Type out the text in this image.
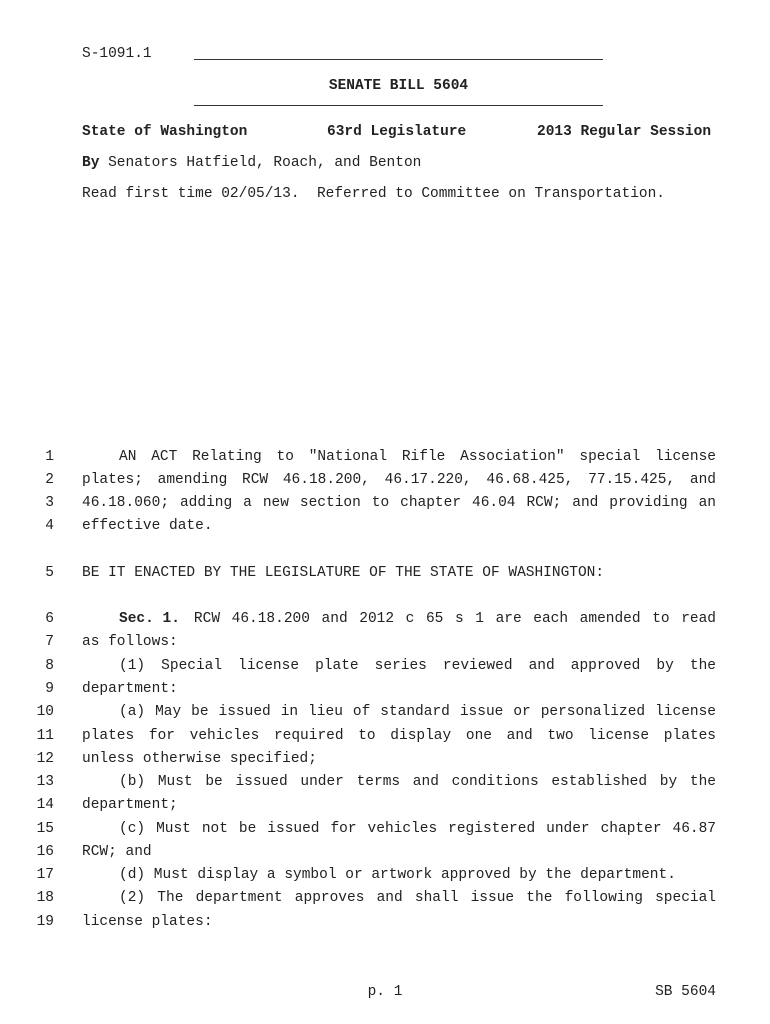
S-1091.1
SENATE BILL 5604
State of Washington	63rd Legislature	2013 Regular Session
By Senators Hatfield, Roach, and Benton
Read first time 02/05/13.  Referred to Committee on Transportation.
1	AN ACT Relating to "National Rifle Association" special license
2 plates; amending RCW 46.18.200, 46.17.220, 46.68.425, 77.15.425, and
3 46.18.060; adding a new section to chapter 46.04 RCW; and providing an
4 effective date.
5 BE IT ENACTED BY THE LEGISLATURE OF THE STATE OF WASHINGTON:
6	Sec. 1. RCW 46.18.200 and 2012 c 65 s 1 are each amended to read
7 as follows:
8	(1) Special license plate series reviewed and approved by the
9 department:
10	(a) May be issued in lieu of standard issue or personalized license
11 plates for vehicles required to display one and two license plates
12 unless otherwise specified;
13	(b) Must be issued under terms and conditions established by the
14 department;
15	(c) Must not be issued for vehicles registered under chapter 46.87
16 RCW; and
17	(d) Must display a symbol or artwork approved by the department.
18	(2) The department approves and shall issue the following special
19 license plates:
p. 1	SB 5604
